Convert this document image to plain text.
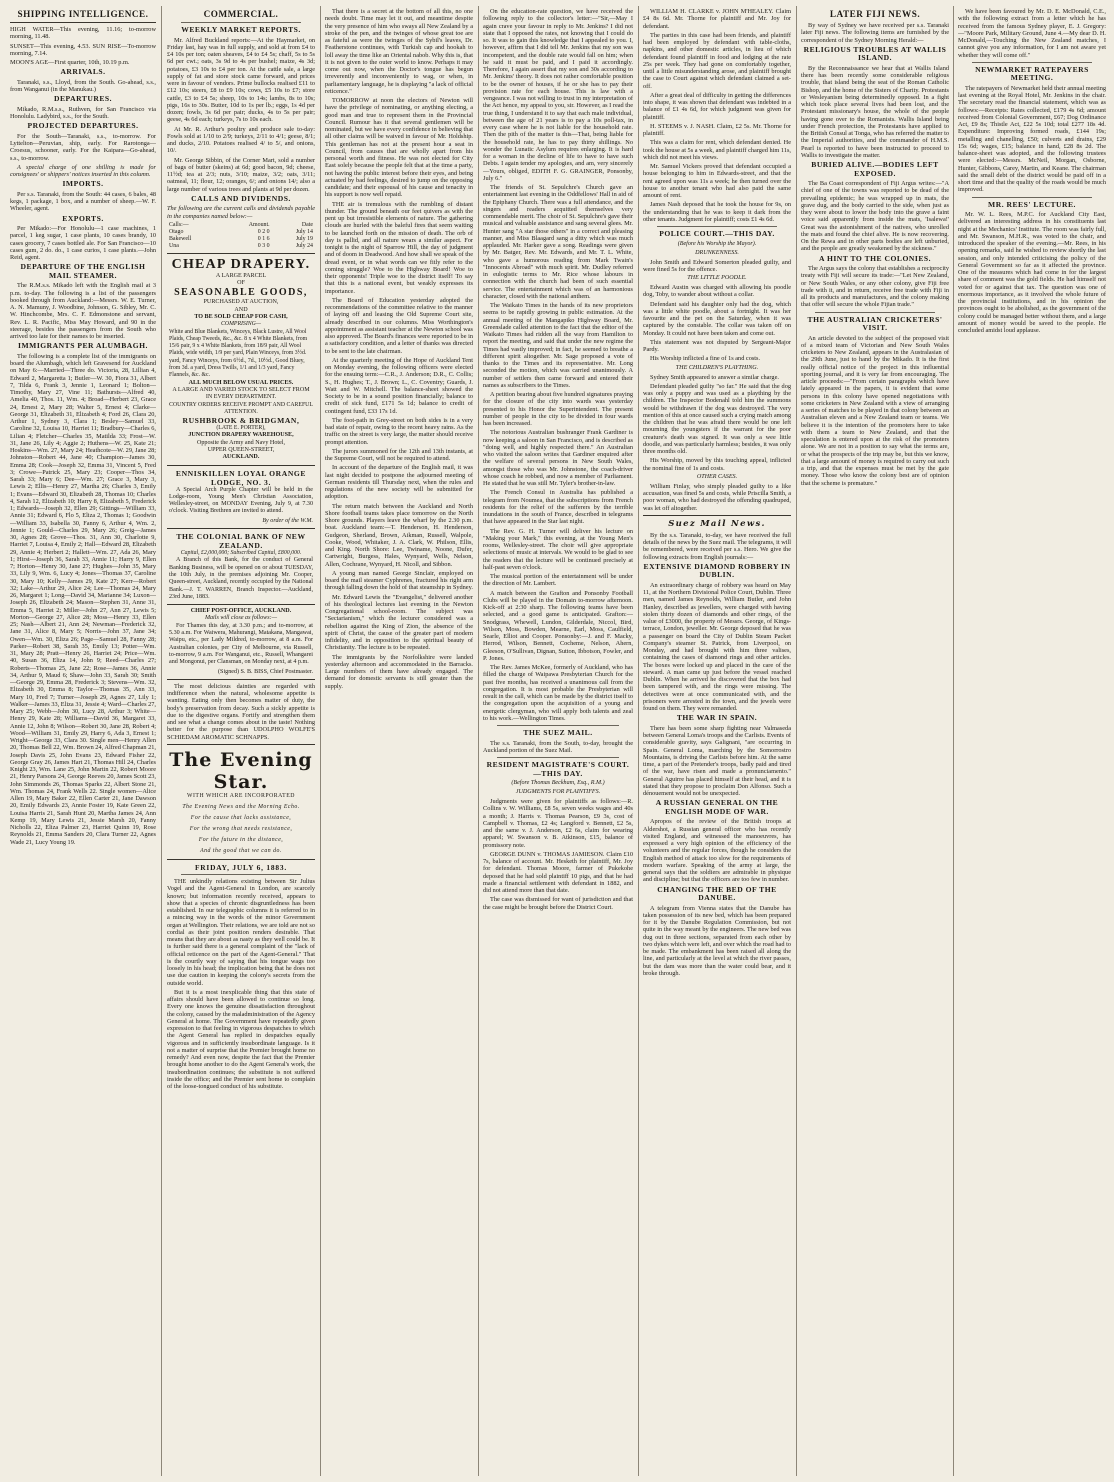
SHIPPING INTELLIGENCE.

HIGH WATER—This evening, 11.16; to-morrow morning, 11.48.

SUNSET—This evening, 4.53. SUN RISE—To-morrow morning, 7.14.

MOON'S AGE—First quarter, 10th, 10.19 p.m.

ARRIVALS.

Taranaki, s.s., Lloyd, from the South. Go-ahead, s.s., from Wanganui (in the Manukau.)

DEPARTURES.

Mikado, R.M.s.s., Ruthven, for San Francisco via Honolulu. Ladybird, s.s., for the South.

PROJECTED DEPARTURES.

For the South—Taranaki, s.s., to-morrow. For Lyttelton—Peruvian, ship, early. For Rarotonga—Croesus, schooner, early. For the Kaipara—Go-ahead, s.s., to-morrow.

A special charge of one shilling is made for consignees' or shippers' notices inserted in this column.

IMPORTS.

Per s.s. Taranaki, from the South: 44 cases, 6 bales, 48 kegs, 1 package, 1 box, and a number of sheep.—W. F. Wheeler, agent.

EXPORTS.

Per Mikado:—For Honolulu—1 case machines, 1 parcel, 1 keg sugar, 1 case plants, 10 cases brandy, 10 cases grocery, 7 cases bottled ale. For San Francisco—10 cases gum, 2 do. do., 1 case curios, 1 case plants.—John Reid, agent.

DEPARTURE OF THE ENGLISH MAIL STEAMER.

The R.M.s.s. Mikado left with the English mail at 3 p.m. to-day. The following is a list of the passengers booked through from Auckland:—Messrs. W. E. Turner, A. N. Mamuny, J. Woodbine, Johnson, G. Sibley, Mr. C. W. Hinchcombe, Mrs. C. F. Edmonstone and servant, Rev. L. R. Pacific, Miss May Howard, and 90 in the steerage, besides the passengers from the South who arrived too late for their names to be inserted.

IMMIGRANTS PER ALUMBAGH.

The following is a complete list of the immigrants on board the Alumbagh, which left Gravesend for Auckland on May 6:—Married—Three do. Victoria, 28, Lillian 4, Edward 2, Margaretta 1; Butler—W. 30, Fiora 31, Albert 7, Tilda 6, Frank 3, Jennie 1, Leonard 1; Bolton—Timothy, Mary 27, Vine 11; Bathursts—Alfred 40, Amelia 40, Thos. 11, Wm. 4; Broad—Herbert 23, Grace 24, Ernest 2, Mary 28; Walter 5, Ernest 4; Clarke—George 31, Elizabeth 31, Elizabeth 4; Ford 26, Clara 20, Arthur 1, Sydney 3, Clara 1; Besley—Samuel 33, Caroline 32, Louisa 10, Harriet 11; Bradbury—Charles 6, Lilian 4; Fletcher—Charles 35, Matilda 33; Frost—W. 31, Jane 26, Lily 4; Aggie 2; Huthens—W. 25, Kate 21; Hoskins—Wm. 27, Mary 24; Heathcote—W. 29, Jane 28; Johnston—Robert 44, Jane 40; Champion—James 30, Emma 28; Cook—Joseph 32, Emma 31, Vincent 5, Fred 3; Crowe—Patrick 25, Mary 23; Cooper—Thos 34, Sarah 33; Mary 6; Dee—Wm. 27; Grace 3, Mary 3, Lewis 2; Ellis—Henry 27, Martha 26; Charles 3, Emily 1; Evans—Edward 30, Elizabeth 28, Thomas 10; Charles 4, Sarah 12, Elizabeth 10; Harry 8, Elizabeth 5, Frederick 1; Edwards—Joseph 32, Ellen 29; Gittings—William 33, Annie 31; Edward 6, Flo 5, Eliza 2, Thomas 1; Goodwin—William 33, Isabella 30, Fanny 6, Arthur 4, Wm. 2, Jennie 1; Gould—Charles 29, Mary 26; Greig—James 30, Agnes 28; Grove—Thos. 31, Ann 30, Charlotte 9, Harriet 7, Louisa 4, Emily 2; Hall—Edward 28, Elizabeth 29, Annie 4; Herbert 2; Hallett—Wm. 27, Ada 26, Mary 1; Hirst—Joseph 36, Sarah 33, Annie 11; Harry 9, Ellen 7; Horton—Henry 30, Jane 27; Hughes—John 35, Mary 33, Lily 9, Wm. 6, Lucy 4; Jones—Thomas 37, Caroline 30, Mary 10; Kelly—James 29, Kate 27; Kerr—Robert 32; Lake—Arthur 29, Alice 24; Lee—Thomas 24, Mary 26, Margaret 1; Long—David 34, Marianne 34; Luxon—Joseph 26, Elizabeth 24; Mason—Stephen 31, Anne 31, Emma 5, Harriet 2; Miller—John 27, Ann 27, Lewis 5; Morton—George 27, Alice 28; Moss—Henry 33, Ellen 25; Nash—Albert 21, Ann 24; Newman—Frederick 32, Jane 31, Alice 8, Mary 5; Norris—John 37, Jane 34; Owen—Wm. 30, Eliza 26; Page—Samuel 28, Fanny 28; Parker—Robert 38, Sarah 35, Emily 13; Potter—Wm. 31, Mary 28; Pratt—Henry 26, Harriet 24; Price—Wm. 40, Susan 36, Eliza 14, John 9; Reed—Charles 27; Roberts—Thomas 25, Jane 22; Rose—James 36, Annie 34, Arthur 9, Maud 6; Shaw—John 33, Sarah 30; Smith—George 29, Emma 28, Frederick 3; Stevens—Wm. 32, Elizabeth 30, Emma 8; Taylor—Thomas 35, Ann 33, Mary 10, Fred 7; Turner—Joseph 29, Agnes 27, Lily 1; Walker—James 33, Eliza 31, Jessie 4; Ward—Charles 27, Mary 25; Webb—John 30, Lucy 28, Arthur 3; White—Henry 29, Kate 28; Williams—David 36, Margaret 33, Annie 12, John 8; Wilson—Robert 30, Jane 28, Robert 4; Wood—William 31, Emily 29, Harry 6, Ada 3, Ernest 1; Wright—George 33, Clara 30. Single men—Henry Allen 20, Thomas Bell 22, Wm. Brown 24, Alfred Chapman 21, Joseph Davis 25, John Evans 23, Edward Fisher 22, George Gray 26, James Hart 21, Thomas Hill 24, Charles Knight 23, Wm. Lane 25, John Martin 22, Robert Moore 21, Henry Parsons 24, George Reeves 20, James Scott 23, John Simmonds 26, Thomas Sparks 22, Albert Stone 21, Wm. Thomas 24, Frank Wells 22. Single women—Alice Allen 19, Mary Baker 22, Ellen Carter 21, Jane Dawson 20, Emily Edwards 23, Annie Foster 19, Kate Green 22, Louisa Harris 21, Sarah Hunt 20, Martha James 24, Ann Kemp 19, Mary Lewis 21, Jessie Marsh 20, Fanny Nicholls 22, Eliza Palmer 23, Harriet Quinn 19, Rose Reynolds 21, Emma Sanders 20, Clara Turner 22, Agnes Wade 21, Lucy Young 19.

COMMERCIAL.
WEEKLY MARKET REPORTS.

Mr. Alfred Buckland reports:—At the Haymarket, on Friday last, hay was in full supply, and sold at from £4 to £4 10s per ton; oaten sheaves, £4 to £4 5s; chaff, 5s to 5s 6d per cwt.; oats, 3s 9d to 4s per bushel; maize, 4s 3d; potatoes, £3 10s to £4 per ton. At the cattle sale, a large supply of fat and store stock came forward, and prices were in favour of vendors. Prime bullocks realised £11 to £12 10s; steers, £8 to £9 10s; cows, £5 10s to £7; store cattle, £3 to £4 5s; sheep, 10s to 14s; lambs, 8s to 10s; pigs, 16s to 30s. Butter, 10d to 1s per lb.; eggs, 1s 4d per dozen; fowls, 3s 6d per pair; ducks, 4s to 5s per pair; geese, 4s 6d each; turkeys, 7s to 10s each.

At Mr. R. Arthur's poultry and produce sale to-day: Fowls sold at 1/10 to 2/9; turkeys, 2/11 to 4/1; geese, 8/1; and ducks, 2/10. Potatoes realised 4/ to 5/, and onions, 10/.

Mr. George Sibbin, of the Corner Mart, sold a number of bags of butter (skeins) at 6d; good bacon, 9d; cheese, 11½d; tea at 2/3; nuts, 3/10; maize, 3/2; oats, 3/11; oatmeal, 11; flour, 12; oranges, 6/; and onions 14/; also a large number of various trees and plants at 9d per dozen.

CALLS AND DIVIDENDS.

The following are the current calls and dividends payable in the companies named below:—

Calls:—	Amount.	Date
Otago	0 2 0	July 14
Bakewell	0 1 6	July 19
Una	0 3 0	July 24
CHEAP DRAPERY.
A LARGE PARCEL
OF
SEASONABLE GOODS,
PURCHASED AT AUCTION,
AND
TO BE SOLD CHEAP FOR CASH,
COMPRISING—
White and Blue Blankets, Winceys, Black Lustre, All Wool Plaids, Cheap Tweeds, &c., &c. 8 x 4 White Blankets, from 15/6 pair, 9 x 4 White Blankets, from 18/9 pair, All Wool Plaids, wide width, 1/9 per yard, Plain Winceys, from 3½d. yard, Fancy Winceys, from 6½d., 7d., 10½d., Good Bluey, from 3d. a yard, Dress Twills, 1/1 and 1/3 yard, Fancy Flannels, &c. &c.
ALL MUCH BELOW USUAL PRICES.
A LARGE AND VARIED STOCK TO SELECT FROM IN EVERY DEPARTMENT.
COUNTRY ORDERS RECEIVE PROMPT AND CAREFUL ATTENTION.
RUSHBROOK & BRIDGMAN,
(LATE E. PORTER),
JUNCTION DRAPERY WAREHOUSE,
Opposite the Army and Navy Hotel,
UPPER QUEEN-STREET,
AUCKLAND.
ENNISKILLEN LOYAL ORANGE LODGE, NO. 3.

A Special Arch Purple Chapter will be held in the Lodge-room, Young Men's Christian Association, Wellesley-street, on MONDAY Evening, July 9, at 7.30 o'clock. Visiting Brethren are invited to attend.

By order of the W.M.
THE COLONIAL BANK OF NEW ZEALAND.
Capital, £2,000,000; Subscribed Capital, £800,000.

A Branch of this Bank, for the conduct of General Banking Business, will be opened on or about TUESDAY, the 10th July, in the premises adjoining Mr. Cooper, Queen-street, Auckland, recently occupied by the National Bank.—J. T. WARREN, Branch Inspector.—Auckland, 23rd June, 1883.

CHIEF POST-OFFICE, AUCKLAND.
Mails will close as follows:—

For Thames this day, at 3.30 p.m.; and to-morrow, at 5.30 a.m. For Waiwera, Mahurangi, Matakana, Mangawai, Waipu, etc., per Lady Mildred, to-morrow, at 8 a.m. For Australian colonies, per City of Melbourne, via Russell, to-morrow, 9 a.m. For Wanganui, etc., Russell, Whangarei and Mongonui, per Clansman, on Monday next, at 4 p.m.

(Signed) S. B. BISS, Chief Postmaster.

The most delicious dainties are regarded with indifference when the natural, wholesome appetite is wanting. Eating only then becomes matter of duty, the body's preservation from decay. Such a sickly appetite is due to the digestive organs. Fortify and strengthen them and see what a change comes about in the taste! Nothing better for the purpose than UDOLPHO WOLFE'S SCHIEDAM AROMATIC SCHNAPPS.

The Evening Star.
WITH WHICH ARE INCORPORATED
The Evening News and the Morning Echo.
For the cause that lacks assistance,
For the wrong that needs resistance,
For the future in the distance,
And the good that we can do.
FRIDAY, JULY 6, 1883.

THE unkindly relations existing between Sir Julius Vogel and the Agent-General in London, are scarcely known; but information recently received, appears to show that a species of chronic disgruntledness has been established. In our telegraphic columns it is referred to in a mincing way in the words of the minor Government organ at Wellington. Their relations, we are told are not so cordial as their joint position renders desirable. That means that they are about as nasty as they well could be. It is further said there is a general complaint of the "lack of official reticence on the part of the Agent-General." That is the courtly way of saying that his tongue wags too loosely in his head; the implication being that he does not use due caution in keeping the colony's secrets from the outside world.

But it is a most inexplicable thing that this state of affairs should have been allowed to continue so long. Every one knows the genuine dissatisfaction throughout the colony, caused by the maladministration of the Agency General at home. The Government have repeatedly given expression to that feeling in vigorous despatches to which the Agent General has replied in despatches equally vigorous and in sufficiently insubordinate language. Is it not a matter of surprise that the Premier brought home no remedy? And even now, despite the fact that the Premier brought home another to do the Agent General's work, the insubordination continues; the substitute is not suffered inside the office; and the Premier sent home to complain of the loose-tongued conduct of his substitute.

That there is a secret at the bottom of all this, no one needs doubt. Time may let it out, and meantime despite the very presence of him who sways all New Zealand by a stroke of the pen, and the twinges of whose great toe are as fateful as were the twinges of the Sybil's leaves, Dr. Featherstone continues, with Turkish cap and hookah to loll away the time like an Oriental nabob. Why this is, that it is not given to the outer world to know. Perhaps it may come out now, when the Doctor's tongue has begun irreverently and inconveniently to wag, or when, in parliamentary language, he is displaying "a lack of official reticence."

TOMORROW at noon the electors of Newton will have the privilege of nominating, or anything electing, a good man and true to represent them in the Provincial Council. Rumour has it that several gentlemen will be nominated, but we have every confidence in believing that all other claims will be waived in favour of Mr. Holdship. This gentleman has not at the present hour a seat in Council, from causes that are wholly apart from his personal worth and fitness. He was not elected for City East solely because the people felt that at the time a party, not having the public interest before their eyes, and being actuated by bad feelings, desired to jump on the opposing candidate; and their espousal of his cause and tenacity in his support is now well repaid.

THE air is tremulous with the rumbling of distant thunder. The ground beneath our feet quivers as with the pent up but irresistible elements of nature. The gathering clouds are hurled with the baleful fires that seem waiting to be launched forth on the mission of death. The orb of day is pallid, and all nature wears a similar aspect. For tonight is the night of Sparrow Hill, the day of judgment and of doom in Deadwood. And how shall we speak of the dread event, or in what words can we fitly refer to the coming struggle? Woe to the Highway Board! Woe to their opponents! Triple woe to the district itself! To say that this is a national event, but weakly expresses its importance.

The Board of Education yesterday adopted the recommendations of the committee relative to the manner of laying off and leasing the Old Supreme Court site, already described in our columns. Miss Worthington's appointment as assistant teacher at the Newton school was also approved. The Board's finances were reported to be in a satisfactory condition, and a letter of thanks was directed to be sent to the late chairman.

At the quarterly meeting of the Hope of Auckland Tent on Monday evening, the following officers were elected for the ensuing term:—C.R., J. Anderson; D.R., C. Collis; S., H. Hughes; T., J. Brown; L., C. Coventry; Guards, J. Watt and W. Mitchell. The balance-sheet showed the Society to be in a sound position financially; balance to credit of sick fund, £171 5s 1d; balance to credit of contingent fund, £33 17s 1d.

The foot-path in Grey-street on both sides is in a very bad state of repair, owing to the recent heavy rains. As the traffic on the street is very large, the matter should receive prompt attention.

The jurors summoned for the 12th and 13th instants, at the Supreme Court, will not be required to attend.

In account of the departure of the English mail, it was last night decided to postpone the adjourned meeting of German residents till Thursday next, when the rules and regulations of the new society will be submitted for adoption.

The return match between the Auckland and North Shore football teams takes place tomorrow on the North Shore grounds. Players leave the wharf by the 2.30 p.m. boat. Auckland team:—T. Henderson, H. Henderson, Gudgeon, Sherland, Brown, Aikman, Russell, Walpole, Cooke, Wood, Whitaker, J. A. Clark, W. Philson, Ellis, and King. North Shore: Lee, Twiname, Noone, Dufer, Cartwright, Burgess, Hales, Wynyard, Wells, Nelson, Allen, Cochrane, Wynyard, H. Nicoll, and Sibbon.

A young man named George Sinclair, employed on board the mail steamer Cyphrenes, fractured his right arm through falling down the hold of that steamship in Sydney.

Mr. Edward Lewis the "Evangelist," delivered another of his theological lectures last evening in the Newton Congregational school-room. The subject was "Sectarianism," which the lecturer considered was a rebellion against the King of Zion, the absence of the spirit of Christ, the cause of the greater part of modern infidelity, and in opposition to the spiritual beauty of Christianity. The lecture is to be repeated.

The immigrants by the Norfolkshire were landed yesterday afternoon and accommodated in the Barracks. Large numbers of them have already engaged. The demand for domestic servants is still greater than the supply.

On the education-rate question, we have received the following reply to the collector's letter:—"Sir,—May I again crave your favour in reply to Mr. Jenkins? I did not state that I opposed the rates, not knowing that I could do so. It was to gain this knowledge that I appealed to you. I, however, affirm that I did tell Mr. Jenkins that my son was incompetent, and the double rate would fall on him; when he said it must be paid, and I paid it accordingly. Therefore, I again assert that my son and 30s according to Mr. Jenkins' theory. It does not rather comfortable position to be the owner of houses, if he or she has to pay their provision rate for each house. This is law with a vengeance. I was not willing to trust in my interpretation of the Act hence, my appeal to you, sir. However, as I read the true thing, I understand it to say that each male individual, between the age of 21 years is to pay a 10s poll-tax, in every case where he is not liable for the household rate. Then the pith of the matter is this—That, being liable for the household rate, he has to pay thirty shillings. No wonder the Lunatic Asylum requires enlarging. It is hard for a woman in the decline of life to have to have such Debts. I again tender my apologies, and am, very sincerely—Yours, obliged, EDITH F. G. GRAINGER, Ponsonby, July 6."

The friends of St. Sepulchre's Church gave an entertainment last evening in the Oddfellows' Hall in aid of the Epiphany Church. There was a full attendance, and the singers and readers acquitted themselves very commendable merit. The choir of St. Sepulchre's gave their musical and valuable assistance and sang several glees. Mr. Hunter sang "A star those others" in a correct and pleasing manner, and Miss Blaagard sang a ditty which was much applauded. Mr. Harker gave a song. Readings were given by Mr. Batger, Rev. Mr. Edwards, and Mr. T. L. White, who gave a humorous reading from Mark Twain's "Innocents Abroad" with much spirit. Mr. Dudley referred in eulogistic terms to Mr. Rice whose labours in connection with the church had been of such essential service. The entertainment which was of an harmonious character, closed with the national anthem.

The Waikato Times in the hands of its new proprietors seems to be rapidly growing in public estimation. At the annual meeting of the Mangapiko Highway Board, Mr. Greenslade called attention to the fact that the editor of the Waikato Times had ridden all the way from Hamilton to report the meeting, and said that under the new regime the Times had vastly improved; in fact, he seemed to breathe a different spirit altogether. Mr. Sage proposed a vote of thanks to the Times and its representative. Mr. Long seconded the motion, which was carried unanimously. A number of settlers then came forward and entered their names as subscribers to the Times.

A petition bearing about five hundred signatures praying for the closure of the city into wards was yesterday presented to his Honor the Superintendent. The present number of people in the city to be divided in four wards has been increased.

The notorious Australian bushranger Frank Gardiner is now keeping a saloon in San Francisco, and is described as "doing well, and highly respected there." An Australian who visited the saloon writes that Gardiner enquired after the welfare of several persons in New South Wales, amongst those who was Mr. Johnstone, the coach-driver whose coach he robbed, and now a member of Parliament. He stated that he was still Mr. Tyler's brother-in-law.

The French Consul in Australia has published a telegram from Noumea, that the subscriptions from French residents for the relief of the sufferers by the terrible inundations in the south of France, described in telegrams that have appeared in the Star last night.

The Rev. G. H. Turner will deliver his lecture on "Making your Mark," this evening, at the Young Men's rooms, Wellesley-street. The choir will give appropriate selections of music at intervals. We would to be glad to see the readers that the lecture will be continued precisely at half-past seven o'clock.

The musical portion of the entertainment will be under the direction of Mr. Lambert.

A match between the Grafton and Ponsonby Football Clubs will be played in the Domain to-morrow afternoon. Kick-off at 2:30 sharp. The following teams have been selected, and a good game is anticipated. Grafton:—Snodgrass, Whewell, Lundon, Gilderdale, Niccol, Bird, Wilson, Moss, Bowden, Mearne, Earl, Moss, Caulfield, Searle, Elliot and Cooper. Ponsonby:—J. and F. Macky, Herrod, Wilson, Bennett, Cocheme, Nelson, Ahern, Gleeson, O'Sullivan, Dignan, Sutton, Ibbotson, Fowler, and P. Jones.

The Rev. James McKee, formerly of Auckland, who has filled the charge of Waipawa Presbyterian Church for the past five months, has received a unanimous call from the congregation. It is most probable the Presbyterian will result in the call, which can be made by the district itself to the congregation upon the acquisition of a young and energetic clergyman, who will apply both talents and zeal to his work.—Wellington Times.

THE SUEZ MAIL.

The s.s. Taranaki, from the South, to-day, brought the Auckland portion of the Suez Mail.

RESIDENT MAGISTRATE'S COURT.—THIS DAY.
(Before Thomas Beckham, Esq., R.M.)
JUDGMENTS FOR PLAINTIFFS.

Judgments were given for plaintiffs as follows:—R. Collins v. W. Williams, £8 5s, seven weeks wages and 40s a month; J. Harris v. Thomas Pearson, £9 3s, cost of Campbell v. Thomas, £2 4s; Langford v. Bennett, £2 5s, and the same v. J. Anderson, £2 6s, claim for wearing apparel; W. Swanson v. B. Atkinson, £15, balance of promissory note.

GEORGE DUNN v. THOMAS JAMIESON. Claim £10 7s, balance of account. Mr. Hesketh for plaintiff, Mr. Joy for defendant. Thomas Moore, farmer of Pukekohe deposed that he had sold plaintiff 10 pigs, and that he had made a financial settlement with defendant in 1882, and did not attend more than that date.

The case was dismissed for want of jurisdiction and that the case might be brought before the District Court.

WILLIAM H. CLARKE v. JOHN M'HEALEY. Claim £4 8s 6d. Mr. Thorne for plaintiff and Mr. Joy for defendant.

The parties in this case had been friends, and plaintiff had been employed by defendant with table-cloths, napkins, and other domestic articles, in lieu of which defendant found plaintiff in food and lodging at the rate 25s per week. They had gone on comfortably together, until a little misunderstanding arose, and plaintiff brought the case to Court against which defendant claimed a set-off.

After a great deal of difficulty in getting the differences into shape, it was shown that defendant was indebted in a balance of £1 4s 6d, for which judgment was given for plaintiff.

H. STEEMS v. J. NASH. Claim, £2 5s. Mr. Thorne for plaintiff.

This was a claim for rent, which defendant denied. He took the house at 5s a week, and plaintiff charged him 11s, which did not meet his views.

Mr. Samuel Vickers proved that defendant occupied a house belonging to him in Edwards-street, and that the rent agreed upon was 11s a week; he then turned over the house to another tenant who had also paid the same amount of rent.

James Nash deposed that he took the house for 9s, on the understanding that he was to keep it dark from the other tenants. Judgment for plaintiff; costs £1 4s 6d.

POLICE COURT.—THIS DAY.
(Before his Worship the Mayor).
DRUNKENNESS.

John Smith and Edward Somerton pleaded guilty, and were fined 5s for the offence.

THE LITTLE POODLE.

Edward Austin was charged with allowing his poodle dog, Toby, to wander about without a collar.

Defendant said his daughter only had the dog, which was a little white poodle, about a fortnight. It was her favourite and the pet on the Saturday, when it was captured by the constable. The collar was taken off on Monday. It could not have been taken and come out.

This statement was not disputed by Sergeant-Major Pardy.

His Worship inflicted a fine of 1s and costs.

THE CHILDREN'S PLAYTHING.

Sydney Smith appeared to answer a similar charge.

Defendant pleaded guilty "so far." He said that the dog was only a puppy and was used as a plaything by the children. The Inspector Bodenahl told him the summons would be withdrawn if the dog was destroyed. The very mention of this at once caused such a crying match among the children that he was afraid there would be one left mourning the youngsters if the warrant for the poor creature's death was signed. It was only a wee little doodle, and was particularly harmless; besides, it was only three months old.

His Worship, moved by this touching appeal, inflicted the nominal fine of 1s and costs.

OTHER CASES.

William Finlay, who simply pleaded guilty to a like accusation, was fined 5s and costs, while Priscilla Smith, a poor woman, who had destroyed the offending quadruped, was let off altogether.

Suez Mail News.

By the s.s. Taranaki, to-day, we have received the full details of the news by the Suez mail. The telegrams, it will be remembered, were received per s.s. Hero. We give the following extracts from English journals:—

EXTENSIVE DIAMOND ROBBERY IN DUBLIN.

An extraordinary charge of robbery was heard on May 11, at the Northern Divisional Police Court, Dublin. Three men, named James Reynolds, William Butler, and John Hanley, described as jewellers, were charged with having stolen thirty dozen of diamonds and other rings, of the value of £3000, the property of Messrs. George, of Kings-terrace, London, jeweller. Mr. George deposed that he was a passenger on board the City of Dublin Steam Packet Company's steamer St. Patrick, from Liverpool, on Monday, and had brought with him three valises, containing the cases of diamond rings and other articles. The boxes were locked up and placed in the care of the steward. A man came up just before the vessel reached Dublin. When he arrived he discovered that the box had been tampered with, and the rings were missing. The detectives were at once communicated with, and the prisoners were arrested in the town, and the jewels were found on them. They were remanded.

THE WAR IN SPAIN.

There has been some sharp fighting near Valmaseda between General Loma's troops and the Carlists. Events of considerable gravity, says Galignani, "are occurring in Spain. General Loma, marching by the Somorrostro Mountains, is driving the Carlists before him. At the same time, a part of the Pretender's troops, badly paid and tired of the war, have risen and made a pronunciamento." General Aguirre has placed himself at their head, and it is stated that they propose to proclaim Don Alfonso. Such a dénouement would not be unexpected.

A RUSSIAN GENERAL ON THE ENGLISH MODE OF WAR.

Apropos of the review of the British troops at Aldershot, a Russian general officer who has recently visited England, and witnessed the manoeuvres, has expressed a very high opinion of the efficiency of the volunteers and the regular forces, though he considers the English method of attack too slow for the requirements of modern warfare. Speaking of the army at large, the general says that the soldiers are admirable in physique and discipline; but that the officers are too few in number.

CHANGING THE BED OF THE DANUBE.

A telegram from Vienna states that the Danube has taken possession of its new bed, which has been prepared for it by the Danube Regulation Commission, but not quite in the way meant by the engineers. The new bed was dug out in three sections, separated from each other by two dykes which were left, and over which the road had to be made. The embankment has been raised all along the line, and particularly at the level at which the river passes, but the dam was more than the water could bear, and it broke through.

LATER FIJI NEWS.

By way of Sydney we have received per s.s. Taranaki later Fiji news. The following items are furnished by the correspondent of the Sydney Morning Herald:—

RELIGIOUS TROUBLES AT WALLIS ISLAND.

By the Reconnaissance we hear that at Wallis Island there has been recently some considerable religious trouble, that island being the seat of the Roman Catholic Bishop, and the home of the Sisters of Charity. Protestants or Wesleyanism being determinedly opposed. In a fight which took place several lives had been lost, and the Protestant missionary's house, the whole of the people having gone over to the Romanists. Wallis Island being under French protection, the Protestants have applied to the British Consul at Tonga, who has referred the matter to the Imperial authorities, and the commander of H.M.S. Pearl is reported to have been instructed to proceed to Wallis to investigate the matter.

BURIED ALIVE.—BODIES LEFT EXPOSED.

The Ba Coast correspondent of Fiji Argus writes:—"A chief of one of the towns was reported to be dead of the prevailing epidemic; he was wrapped up in mats, the grave dug, and the body carried to the side, when just as they were about to lower the body into the grave a faint voice said apparently from inside the mats, 'Isalewa!' Great was the astonishment of the natives, who unrolled the mats and found the chief alive. He is now recovering. On the Rewa and in other parts bodies are left unburied, and the people are greatly weakened by the sickness."

A HINT TO THE COLONIES.

The Argus says the colony that establishes a reciprocity treaty with Fiji will secure its trade:—"Let New Zealand, or New South Wales, or any other colony, give Fiji free trade with it, and in return, receive free trade with Fiji in all its products and manufactures, and the colony making that offer will secure the whole Fijian trade."

THE AUSTRALIAN CRICKETERS' VISIT.

An article devoted to the subject of the proposed visit of a mixed team of Victorian and New South Wales cricketers to New Zealand, appears in the Australasian of the 29th June, just to hand by the Mikado. It is the first really official notice of the project in this influential sporting journal, and it is very far from encouraging. The article proceeds:—"From certain paragraphs which have lately appeared in the papers, it is evident that some persons in this colony have opened negotiations with some cricketers in New Zealand with a view of arranging a series of matches to be played in that colony between an Australian eleven and a New Zealand team or teams. We believe it is the intention of the promoters here to take with them a team to New Zealand, and that the speculation is entered upon at the risk of the promoters alone. We are not in a position to say what the terms are, or what the prospects of the trip may be, but this we know, that a large amount of money is required to carry out such a trip, and that the expenses must be met by the gate money. Those who know the colony best are of opinion that the scheme is premature."

We have been favoured by Mr. D. E. McDonald, C.E., with the following extract from a letter which he has received from the famous Sydney player, E. J. Gregory:—"Moore Park, Military Ground, June 4.—My dear D. H. McDonald,—Touching the New Zealand matches, I cannot give you any information, for I am not aware yet whether they will come off."

NEWMARKET RATEPAYERS MEETING.

The ratepayers of Newmarket held their annual meeting last evening at the Royal Hotel, Mr. Jenkins in the chair. The secretary read the financial statement, which was as follows:—Receipts: Rates collected, £179 4s 6d; amount received from Colonial Government, £67; Dog Ordinance Act, £9 8s; Thistle Act, £22 5s 10d; total £277 18s 4d. Expenditure: Improving formed roads, £144 19s; metalling and chanelling, £50; culverts and drains, £29 15s 6d; wages, £15; balance in hand, £28 8s 2d. The balance-sheet was adopted, and the following trustees were elected:—Messrs. McNeil, Morgan, Osborne, Hunter, Gibbons, Carey, Martin, and Keane. The chairman said the small debt of the district would be paid off in a short time and that the quality of the roads would be much improved.

MR. REES' LECTURE.

Mr. W. L. Rees, M.P.C. for Auckland City East, delivered an interesting address in his constituents last night at the Mechanics' Institute. The room was fairly full, and Mr. Swanson, M.H.R., was voted to the chair, and introduced the speaker of the evening.—Mr. Rees, in his opening remarks, said he wished to review shortly the last session, and only intended criticising the policy of the General Government so far as it affected the province. One of the measures which had come in for the largest share of comment was the gold fields. He had himself not voted for or against that tax. The question was one of enormous importance, as it involved the whole future of the provincial institutions, and in his opinion the provinces ought to be abolished, as the government of the colony could be managed better without them, and a large amount of money would be saved to the people. He concluded amidst loud applause.
